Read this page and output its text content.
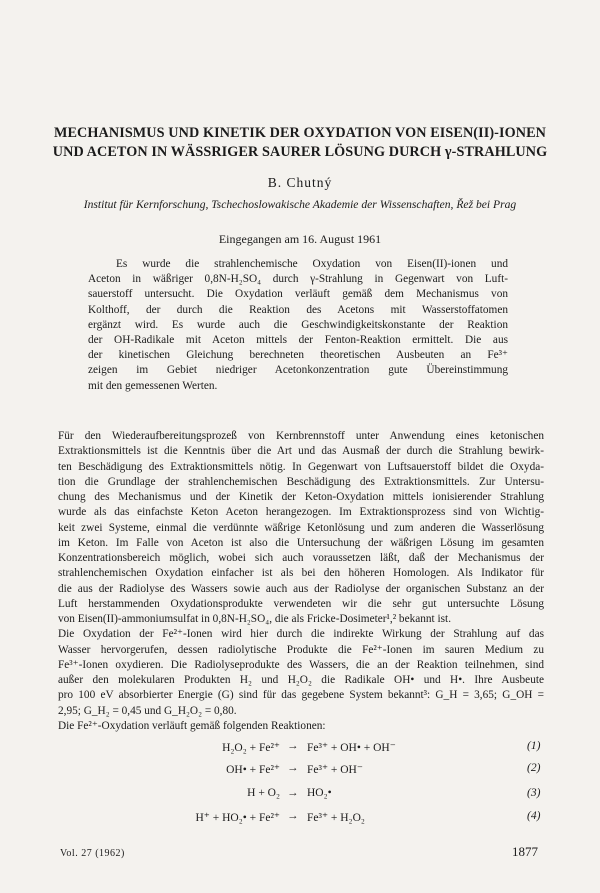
MECHANISMUS UND KINETIK DER OXYDATION VON EISEN(II)-IONEN
UND ACETON IN WÄSSRIGER SAURER LÖSUNG DURCH γ-STRAHLUNG
B. Chutný
Institut für Kernforschung, Tschechoslowakische Akademie der Wissenschaften, Řež bei Prag
Eingegangen am 16. August 1961
Es wurde die strahlenchemische Oxydation von Eisen(II)-ionen und
Aceton in wäßriger 0,8N-H₂SO₄ durch γ-Strahlung in Gegenwart von Luft-
sauerstoff untersucht. Die Oxydation verläuft gemäß dem Mechanismus von
Kolthoff, der durch die Reaktion des Acetons mit Wasserstoffatomen
ergänzt wird. Es wurde auch die Geschwindigkeitskonstante der Reaktion
der OH-Radikale mit Aceton mittels der Fenton-Reaktion ermittelt. Die aus
der kinetischen Gleichung berechneten theoretischen Ausbeuten an Fe³⁺
zeigen im Gebiet niedriger Acetonkonzentration gute Übereinstimmung
mit den gemessenen Werten.
Für den Wiederaufbereitungsprozeß von Kernbrennstoff unter Anwendung eines ketonischen
Extraktionsmittels ist die Kenntnis über die Art und das Ausmaß der durch die Strahlung bewirk-
ten Beschädigung des Extraktionsmittels nötig. In Gegenwart von Luftsauerstoff bildet die Oxyda-
tion die Grundlage der strahlenchemischen Beschädigung des Extraktionsmittels. Zur Untersu-
chung des Mechanismus und der Kinetik der Keton-Oxydation mittels ionisierender Strahlung
wurde als das einfachste Keton Aceton herangezogen. Im Extraktionsprozess sind von Wichtig-
keit zwei Systeme, einmal die verdünnte wäßrige Ketonlösung und zum anderen die Wasserlösung
im Keton. Im Falle von Aceton ist also die Untersuchung der wäßrigen Lösung im gesamten
Konzentrationsbereich möglich, wobei sich auch voraussetzen läßt, daß der Mechanismus der
strahlenchemischen Oxydation einfacher ist als bei den höheren Homologen. Als Indikator für
die aus der Radiolyse des Wassers sowie auch aus der Radiolyse der organischen Substanz an der
Luft herstammenden Oxydationsprodukte verwendeten wir die sehr gut untersuchte Lösung
von Eisen(II)-ammoniumsulfat in 0,8N-H₂SO₄, die als Fricke-Dosimeter¹,² bekannt ist.
Die Oxydation der Fe²⁺-Ionen wird hier durch die indirekte Wirkung der Strahlung auf das
Wasser hervorgerufen, dessen radiolytische Produkte die Fe²⁺-Ionen im sauren Medium zu
Fe³⁺-Ionen oxydieren. Die Radiolyseprodukte des Wassers, die an der Reaktion teilnehmen, sind
außer den molekularen Produkten H₂ und H₂O₂ die Radikale OH• und H•. Ihre Ausbeute
pro 100 eV absorbierter Energie (G) sind für das gegebene System bekannt³: G_H = 3,65; G_OH =
2,95; G_H₂ = 0,45 und G_H₂O₂ = 0,80.
Die Fe²⁺-Oxydation verläuft gemäß folgenden Reaktionen:
H₂O₂ + Fe²⁺ → Fe³⁺ + OH• + OH⁻	(1)
OH• + Fe²⁺ → Fe³⁺ + OH⁻	(2)
H + O₂ → HO₂•	(3)
H⁺ + HO₂• + Fe²⁺ → Fe³⁺ + H₂O₂	(4)
Vol. 27 (1962)	1877
